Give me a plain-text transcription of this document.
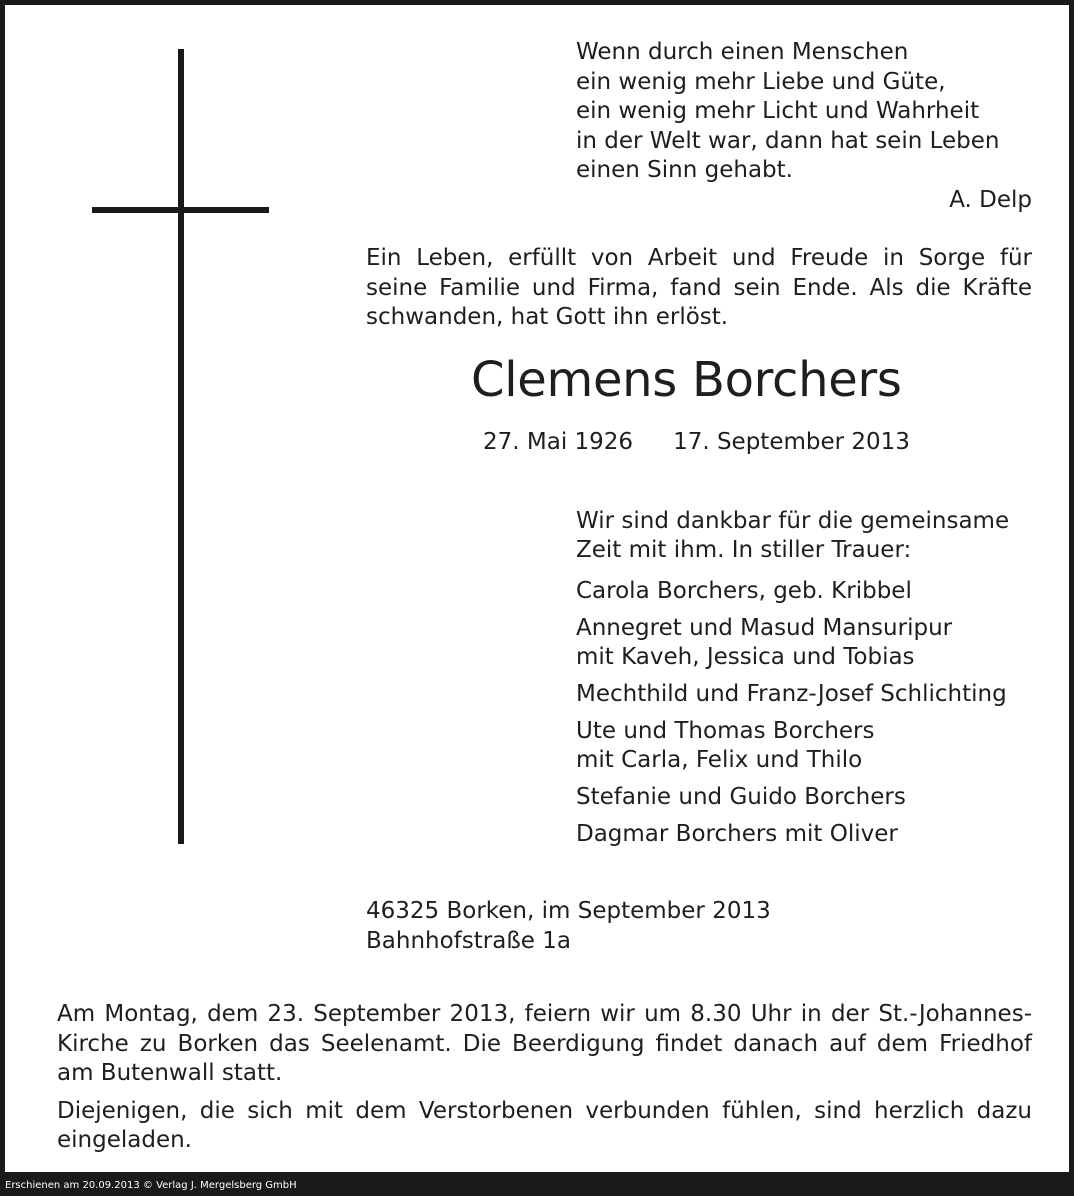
Wenn durch einen Menschen
ein wenig mehr Liebe und Güte,
ein wenig mehr Licht und Wahrheit
in der Welt war, dann hat sein Leben
einen Sinn gehabt.
A. Delp
Ein Leben, erfüllt von Arbeit und Freude in Sorge für seine Familie und Firma, fand sein Ende. Als die Kräfte schwanden, hat Gott ihn erlöst.
Clemens Borchers
27. Mai 1926 17. September 2013
Wir sind dankbar für die gemeinsame
Zeit mit ihm. In stiller Trauer:
Carola Borchers, geb. Kribbel
Annegret und Masud Mansuripur
mit Kaveh, Jessica und Tobias
Mechthild und Franz-Josef Schlichting
Ute und Thomas Borchers
mit Carla, Felix und Thilo
Stefanie und Guido Borchers
Dagmar Borchers mit Oliver
46325 Borken, im September 2013
Bahnhofstraße 1a

Am Montag, dem 23. September 2013, feiern wir um 8.30 Uhr in der St.-Johannes-Kirche zu Borken das Seelenamt. Die Beerdigung findet danach auf dem Friedhof am Butenwall statt.

Diejenigen, die sich mit dem Verstorbenen verbunden fühlen, sind herzlich dazu eingeladen.

Erschienen am 20.09.2013 © Verlag J. Mergelsberg GmbH
